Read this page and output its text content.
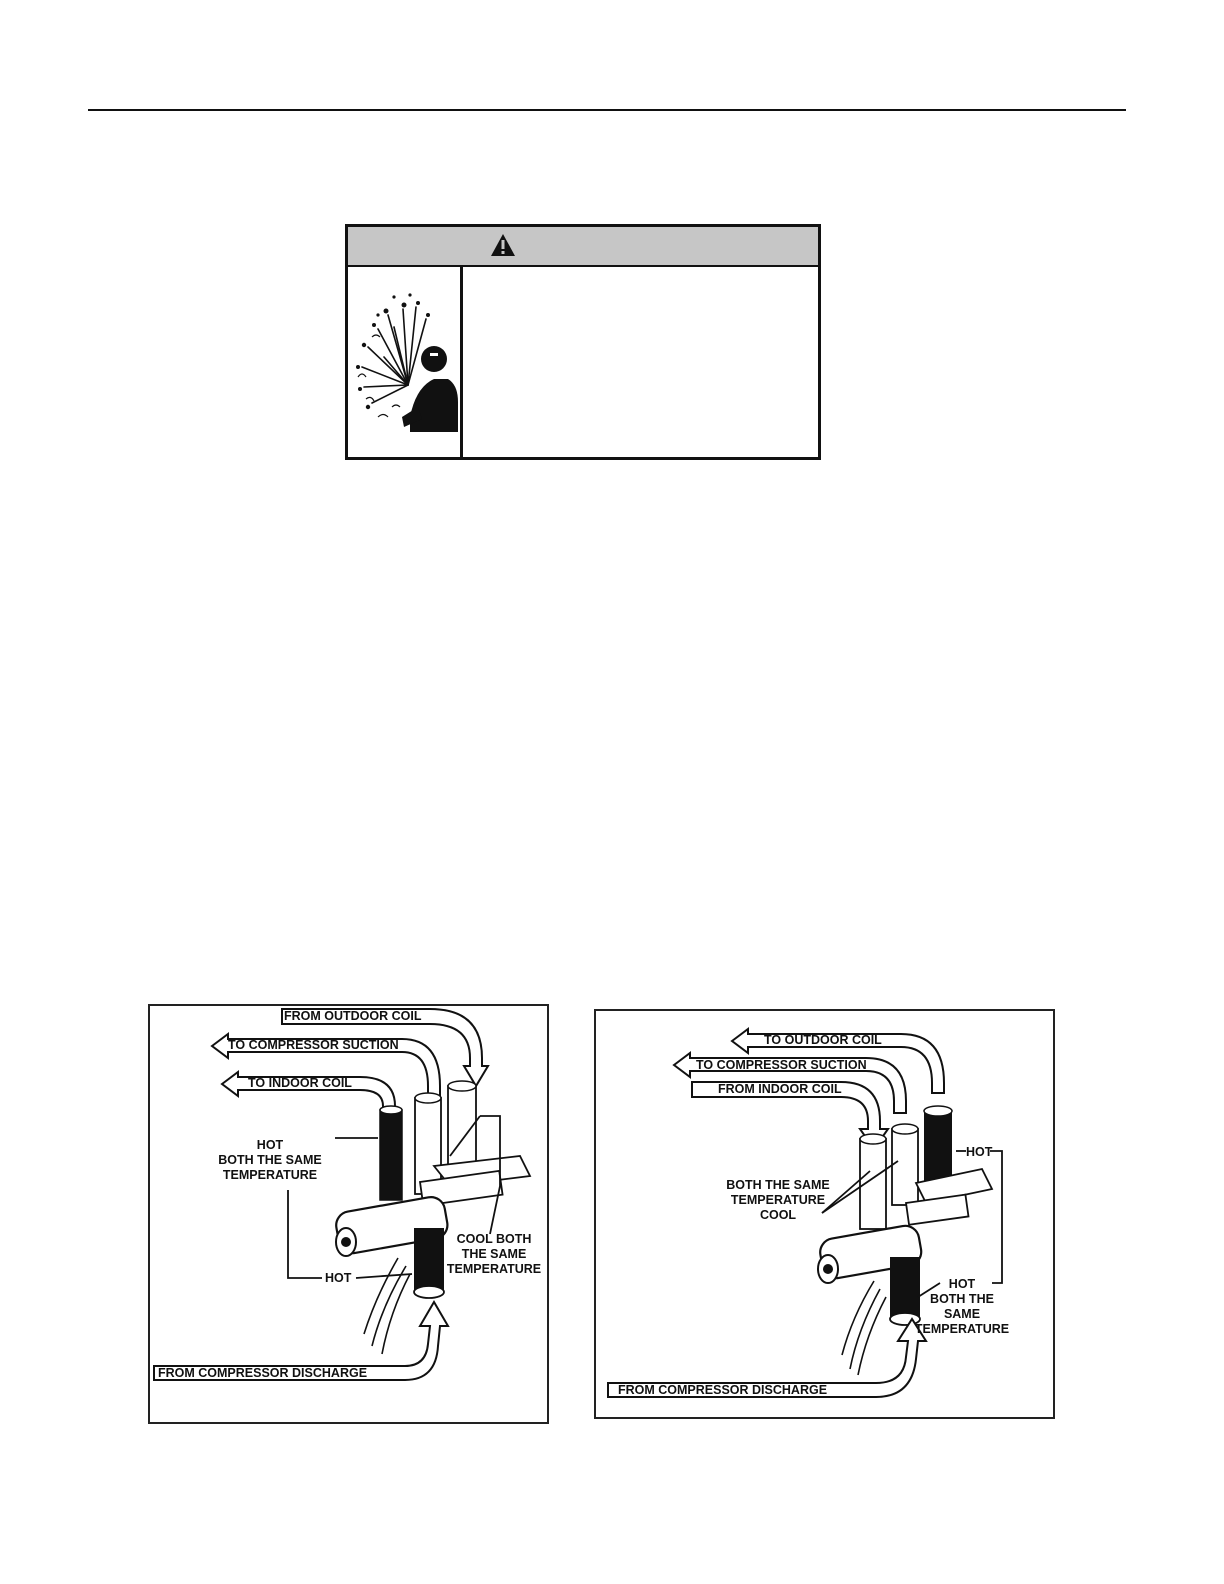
FROM OUTDOOR COIL
TO COMPRESSOR SUCTION
TO INDOOR COIL
HOT
BOTH THE SAME
TEMPERATURE
HOT
COOL BOTH
THE SAME
TEMPERATURE
FROM COMPRESSOR DISCHARGE
TO OUTDOOR COIL
TO COMPRESSOR SUCTION
FROM INDOOR COIL
BOTH THE SAME
TEMPERATURE
COOL
HOT
HOT
BOTH THE
SAME
TEMPERATURE
FROM COMPRESSOR DISCHARGE
